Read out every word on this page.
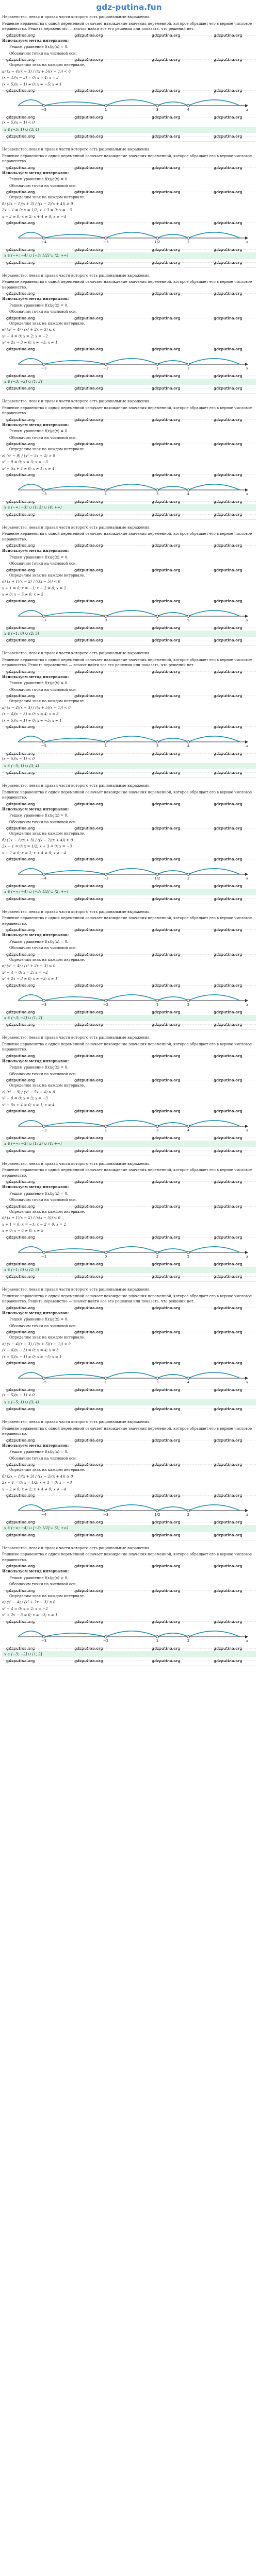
gdz-putina.fun
Неравенство, левая и правая части которого есть рациональные выражения.
Решение неравенства с одной переменной означает нахождение значения переменной, которое обращает его в верное числовое неравенство. Решить неравенство — значит найти все его решения или показать, что решений нет.
gdzputina.org	gdzputina.org	gdzputina.org	gdzputina.org
Используем метод интервалов:
Решим уравнение f(x)/g(x) = 0.
Обозначим точки на числовой оси.
gdzputina.org	gdzputina.org	gdzputina.org	gdzputina.org
Определим знак на каждом интервале.
a) (x − 4)(x − 3) / ((x + 5)(x − 1)) < 0
(x − 4)(x − 3) = 0; x = 4; x = 3
(x + 5)(x − 1) ≠ 0; x ≠ −5; x ≠ 1
gdzputina.org	gdzputina.org	gdzputina.org	gdzputina.org
−5	1	3	4	x
gdzputina.org	gdzputina.org	gdzputina.org	gdzputina.org
(x − 5)(x − 1) < 0
x ∈ (−5; 1) ∪ (3; 4)
gdzputina.org	gdzputina.org	gdzputina.org	gdzputina.org
Неравенство, левая и правая части которого есть рациональные выражения.
Решение неравенства с одной переменной означает нахождение значения переменной, которое обращает его в верное числовое неравенство.
gdzputina.org	gdzputina.org	gdzputina.org	gdzputina.org
Используем метод интервалов:
Решим уравнение f(x)/g(x) = 0.
Обозначим точки на числовой оси.
gdzputina.org	gdzputina.org	gdzputina.org	gdzputina.org
Определим знак на каждом интервале.
б) (2x − 1)(x + 3) / ((x − 2)(x + 4)) ≥ 0
2x − 1 = 0; x = 1/2; x + 3 = 0; x = −3
x − 2 ≠ 0; x ≠ 2; x + 4 ≠ 0; x ≠ −4
gdzputina.org	gdzputina.org	gdzputina.org	gdzputina.org
−4	−3	1/2	2	x
gdzputina.org	gdzputina.org	gdzputina.org	gdzputina.org
x ∈ (−∞; −4) ∪ [−3; 1/2] ∪ (2; +∞)
gdzputina.org	gdzputina.org	gdzputina.org	gdzputina.org
Неравенство, левая и правая части которого есть рациональные выражения.
Решение неравенства с одной переменной означает нахождение значения переменной, которое обращает его в верное числовое неравенство.
gdzputina.org	gdzputina.org	gdzputina.org	gdzputina.org
Используем метод интервалов:
Решим уравнение f(x)/g(x) = 0.
Обозначим точки на числовой оси.
gdzputina.org	gdzputina.org	gdzputina.org	gdzputina.org
Определим знак на каждом интервале.
в) (x² − 4) / (x² + 2x − 3) ≤ 0
x² − 4 = 0; x = 2; x = −2
x² + 2x − 3 ≠ 0; x ≠ −3; x ≠ 1
gdzputina.org	gdzputina.org	gdzputina.org	gdzputina.org
−3	−2	1	2	x
gdzputina.org	gdzputina.org	gdzputina.org	gdzputina.org
x ∈ (−3; −2] ∪ (1; 2]
gdzputina.org	gdzputina.org	gdzputina.org	gdzputina.org
Неравенство, левая и правая части которого есть рациональные выражения.
Решение неравенства с одной переменной означает нахождение значения переменной, которое обращает его в верное числовое неравенство.
gdzputina.org	gdzputina.org	gdzputina.org	gdzputina.org
Используем метод интервалов:
Решим уравнение f(x)/g(x) = 0.
Обозначим точки на числовой оси.
gdzputina.org	gdzputina.org	gdzputina.org	gdzputina.org
Определим знак на каждом интервале.
г) (x² − 9) / (x² − 5x + 4) > 0
x² − 9 = 0; x = 3; x = −3
x² − 5x + 4 ≠ 0; x ≠ 1; x ≠ 4
gdzputina.org	gdzputina.org	gdzputina.org	gdzputina.org
−3	1	3	4	x
gdzputina.org	gdzputina.org	gdzputina.org	gdzputina.org
x ∈ (−∞; −3) ∪ (1; 3) ∪ (4; +∞)
gdzputina.org	gdzputina.org	gdzputina.org	gdzputina.org
Неравенство, левая и правая части которого есть рациональные выражения.
Решение неравенства с одной переменной означает нахождение значения переменной, которое обращает его в верное числовое неравенство.
gdzputina.org	gdzputina.org	gdzputina.org	gdzputina.org
Используем метод интервалов:
Решим уравнение f(x)/g(x) = 0.
Обозначим точки на числовой оси.
gdzputina.org	gdzputina.org	gdzputina.org	gdzputina.org
Определим знак на каждом интервале.
д) (x + 1)(x − 2) / (x(x − 5)) < 0
x + 1 = 0; x = −1; x − 2 = 0; x = 2
x ≠ 0; x − 5 ≠ 0; x ≠ 5
gdzputina.org	gdzputina.org	gdzputina.org	gdzputina.org
−1	0	2	5	x
gdzputina.org	gdzputina.org	gdzputina.org	gdzputina.org
x ∈ (−1; 0) ∪ (2; 5)
gdzputina.org	gdzputina.org	gdzputina.org	gdzputina.org
Неравенство, левая и правая части которого есть рациональные выражения.
Решение неравенства с одной переменной означает нахождение значения переменной, которое обращает его в верное числовое неравенство. Решить неравенство — значит найти все его решения или показать, что решений нет.
gdzputina.org	gdzputina.org	gdzputina.org	gdzputina.org
Используем метод интервалов:
Решим уравнение f(x)/g(x) = 0.
Обозначим точки на числовой оси.
gdzputina.org	gdzputina.org	gdzputina.org	gdzputina.org
Определим знак на каждом интервале.
a) (x − 4)(x − 3) / ((x + 5)(x − 1)) < 0
(x − 4)(x − 3) = 0; x = 4; x = 3
(x + 5)(x − 1) ≠ 0; x ≠ −5; x ≠ 1
gdzputina.org	gdzputina.org	gdzputina.org	gdzputina.org
−5	1	3	4	x
gdzputina.org	gdzputina.org	gdzputina.org	gdzputina.org
(x − 5)(x − 1) < 0
x ∈ (−5; 1) ∪ (3; 4)
gdzputina.org	gdzputina.org	gdzputina.org	gdzputina.org
Неравенство, левая и правая части которого есть рациональные выражения.
Решение неравенства с одной переменной означает нахождение значения переменной, которое обращает его в верное числовое неравенство.
gdzputina.org	gdzputina.org	gdzputina.org	gdzputina.org
Используем метод интервалов:
Решим уравнение f(x)/g(x) = 0.
Обозначим точки на числовой оси.
gdzputina.org	gdzputina.org	gdzputina.org	gdzputina.org
Определим знак на каждом интервале.
б) (2x − 1)(x + 3) / ((x − 2)(x + 4)) ≥ 0
2x − 1 = 0; x = 1/2; x + 3 = 0; x = −3
x − 2 ≠ 0; x ≠ 2; x + 4 ≠ 0; x ≠ −4
gdzputina.org	gdzputina.org	gdzputina.org	gdzputina.org
−4	−3	1/2	2	x
gdzputina.org	gdzputina.org	gdzputina.org	gdzputina.org
x ∈ (−∞; −4) ∪ [−3; 1/2] ∪ (2; +∞)
gdzputina.org	gdzputina.org	gdzputina.org	gdzputina.org
Неравенство, левая и правая части которого есть рациональные выражения.
Решение неравенства с одной переменной означает нахождение значения переменной, которое обращает его в верное числовое неравенство.
gdzputina.org	gdzputina.org	gdzputina.org	gdzputina.org
Используем метод интервалов:
Решим уравнение f(x)/g(x) = 0.
Обозначим точки на числовой оси.
gdzputina.org	gdzputina.org	gdzputina.org	gdzputina.org
Определим знак на каждом интервале.
в) (x² − 4) / (x² + 2x − 3) ≤ 0
x² − 4 = 0; x = 2; x = −2
x² + 2x − 3 ≠ 0; x ≠ −3; x ≠ 1
gdzputina.org	gdzputina.org	gdzputina.org	gdzputina.org
−3	−2	1	2	x
gdzputina.org	gdzputina.org	gdzputina.org	gdzputina.org
x ∈ (−3; −2] ∪ (1; 2]
gdzputina.org	gdzputina.org	gdzputina.org	gdzputina.org
Неравенство, левая и правая части которого есть рациональные выражения.
Решение неравенства с одной переменной означает нахождение значения переменной, которое обращает его в верное числовое неравенство.
gdzputina.org	gdzputina.org	gdzputina.org	gdzputina.org
Используем метод интервалов:
Решим уравнение f(x)/g(x) = 0.
Обозначим точки на числовой оси.
gdzputina.org	gdzputina.org	gdzputina.org	gdzputina.org
Определим знак на каждом интервале.
г) (x² − 9) / (x² − 5x + 4) > 0
x² − 9 = 0; x = 3; x = −3
x² − 5x + 4 ≠ 0; x ≠ 1; x ≠ 4
gdzputina.org	gdzputina.org	gdzputina.org	gdzputina.org
−3	1	3	4	x
gdzputina.org	gdzputina.org	gdzputina.org	gdzputina.org
x ∈ (−∞; −3) ∪ (1; 3) ∪ (4; +∞)
gdzputina.org	gdzputina.org	gdzputina.org	gdzputina.org
Неравенство, левая и правая части которого есть рациональные выражения.
Решение неравенства с одной переменной означает нахождение значения переменной, которое обращает его в верное числовое неравенство.
gdzputina.org	gdzputina.org	gdzputina.org	gdzputina.org
Используем метод интервалов:
Решим уравнение f(x)/g(x) = 0.
Обозначим точки на числовой оси.
gdzputina.org	gdzputina.org	gdzputina.org	gdzputina.org
Определим знак на каждом интервале.
д) (x + 1)(x − 2) / (x(x − 5)) < 0
x + 1 = 0; x = −1; x − 2 = 0; x = 2
x ≠ 0; x − 5 ≠ 0; x ≠ 5
gdzputina.org	gdzputina.org	gdzputina.org	gdzputina.org
−1	0	2	5	x
gdzputina.org	gdzputina.org	gdzputina.org	gdzputina.org
x ∈ (−1; 0) ∪ (2; 5)
gdzputina.org	gdzputina.org	gdzputina.org	gdzputina.org
Неравенство, левая и правая части которого есть рациональные выражения.
Решение неравенства с одной переменной означает нахождение значения переменной, которое обращает его в верное числовое неравенство. Решить неравенство — значит найти все его решения или показать, что решений нет.
gdzputina.org	gdzputina.org	gdzputina.org	gdzputina.org
Используем метод интервалов:
Решим уравнение f(x)/g(x) = 0.
Обозначим точки на числовой оси.
gdzputina.org	gdzputina.org	gdzputina.org	gdzputina.org
Определим знак на каждом интервале.
a) (x − 4)(x − 3) / ((x + 5)(x − 1)) < 0
(x − 4)(x − 3) = 0; x = 4; x = 3
(x + 5)(x − 1) ≠ 0; x ≠ −5; x ≠ 1
gdzputina.org	gdzputina.org	gdzputina.org	gdzputina.org
−5	1	3	4	x
gdzputina.org	gdzputina.org	gdzputina.org	gdzputina.org
(x − 5)(x − 1) < 0
x ∈ (−5; 1) ∪ (3; 4)
gdzputina.org	gdzputina.org	gdzputina.org	gdzputina.org
Неравенство, левая и правая части которого есть рациональные выражения.
Решение неравенства с одной переменной означает нахождение значения переменной, которое обращает его в верное числовое неравенство.
gdzputina.org	gdzputina.org	gdzputina.org	gdzputina.org
Используем метод интервалов:
Решим уравнение f(x)/g(x) = 0.
Обозначим точки на числовой оси.
gdzputina.org	gdzputina.org	gdzputina.org	gdzputina.org
Определим знак на каждом интервале.
б) (2x − 1)(x + 3) / ((x − 2)(x + 4)) ≥ 0
2x − 1 = 0; x = 1/2; x + 3 = 0; x = −3
x − 2 ≠ 0; x ≠ 2; x + 4 ≠ 0; x ≠ −4
gdzputina.org	gdzputina.org	gdzputina.org	gdzputina.org
−4	−3	1/2	2	x
gdzputina.org	gdzputina.org	gdzputina.org	gdzputina.org
x ∈ (−∞; −4) ∪ [−3; 1/2] ∪ (2; +∞)
gdzputina.org	gdzputina.org	gdzputina.org	gdzputina.org
Неравенство, левая и правая части которого есть рациональные выражения.
Решение неравенства с одной переменной означает нахождение значения переменной, которое обращает его в верное числовое неравенство.
gdzputina.org	gdzputina.org	gdzputina.org	gdzputina.org
Используем метод интервалов:
Решим уравнение f(x)/g(x) = 0.
Обозначим точки на числовой оси.
gdzputina.org	gdzputina.org	gdzputina.org	gdzputina.org
Определим знак на каждом интервале.
в) (x² − 4) / (x² + 2x − 3) ≤ 0
x² − 4 = 0; x = 2; x = −2
x² + 2x − 3 ≠ 0; x ≠ −3; x ≠ 1
gdzputina.org	gdzputina.org	gdzputina.org	gdzputina.org
−3	−2	1	2	x
gdzputina.org	gdzputina.org	gdzputina.org	gdzputina.org
x ∈ (−3; −2] ∪ (1; 2]
gdzputina.org	gdzputina.org	gdzputina.org	gdzputina.org
